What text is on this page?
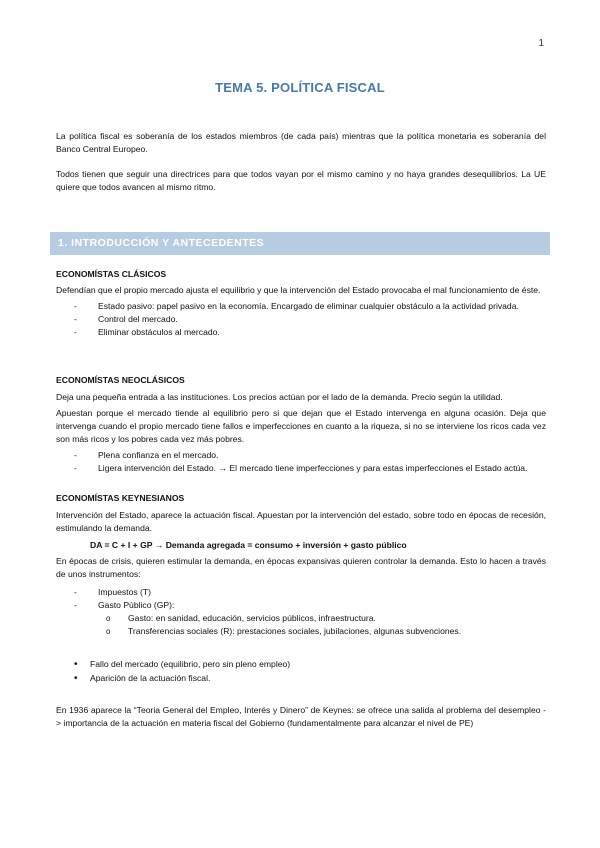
1
TEMA 5. POLÍTICA FISCAL

La política fiscal es soberanía de los estados miembros (de cada país) mientras que la política monetaria es soberanía del Banco Central Europeo.

Todos tienen que seguir una directrices para que todos vayan por el mismo camino y no haya grandes desequilibrios. La UE quiere que todos avancen al mismo ritmo.

1. INTRODUCCIÓN Y ANTECEDENTES
ECONOMÍSTAS CLÁSICOS

Defendían que el propio mercado ajusta el equilibrio y que la intervención del Estado provocaba el mal funcionamiento de éste.

- Estado pasivo: papel pasivo en la economía. Encargado de eliminar cualquier obstáculo a la actividad privada.
- Control del mercado.
- Eliminar obstáculos al mercado.
ECONOMÍSTAS NEOCLÁSICOS

Deja una pequeña entrada a las instituciones. Los precios actúan por el lado de la demanda. Precio según la utilidad.

Apuestan porque el mercado tiende al equilibrio pero si que dejan que el Estado intervenga en alguna ocasión. Deja que intervenga cuando el propio mercado tiene fallos e imperfecciones en cuanto a la riqueza, si no se interviene los ricos cada vez son más ricos y los pobres cada vez más pobres.

- Plena confianza en el mercado.
- Ligera intervención del Estado. → El mercado tiene imperfecciones y para estas imperfecciones el Estado actúa.
ECONOMÍSTAS KEYNESIANOS

Intervención del Estado, aparece la actuación fiscal. Apuestan por la intervención del estado, sobre todo en épocas de recesión, estimulando la demanda.

DA = C + I + GP → Demanda agregada = consumo + inversión + gasto público

En épocas de crisis, quieren estimular la demanda, en épocas expansivas quieren controlar la demanda. Esto lo hacen a través de unos instrumentos:

- Impuestos (T)
- Gasto Público (GP):
o Gasto: en sanidad, educación, servicios públicos, infraestructura.
o Transferencias sociales (R): prestaciones sociales, jubilaciones, algunas subvenciones.
• Fallo del mercado (equilibrio, pero sin pleno empleo)
• Aparición de la actuación fiscal.

En 1936 aparece la “Teoria General del Empleo, Interés y Dinero” de Keynes: se ofrece una salida al problema del desempleo -> importancia de la actuación en materia fiscal del Gobierno (fundamentalmente para alcanzar el nivel de PE)
